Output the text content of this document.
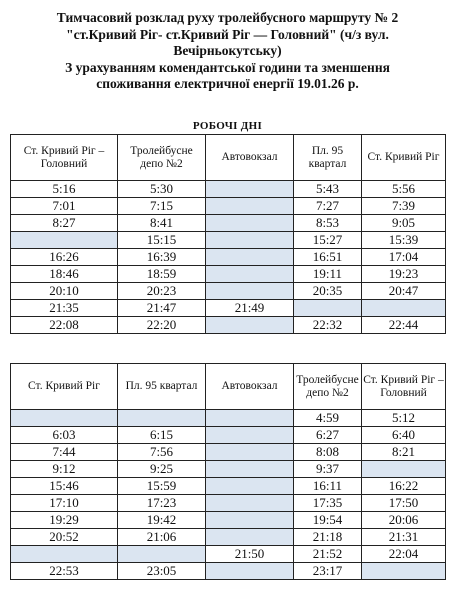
Тимчасовий розклад руху тролейбусного маршруту № 2
"ст.Кривий Ріг- ст.Кривий Ріг — Головний" (ч/з вул.
Вечірньокутську)
З урахуванням комендантської години та зменшення
споживання електричної енергії 19.01.26 р.
РОБОЧІ ДНІ
Ст. Кривий Ріг – Головний	Тролейбусне депо №2	Автовокзал	Пл. 95 квартал	Ст. Кривий Ріг
5:16	5:30		5:43	5:56
7:01	7:15		7:27	7:39
8:27	8:41		8:53	9:05
	15:15		15:27	15:39
16:26	16:39		16:51	17:04
18:46	18:59		19:11	19:23
20:10	20:23		20:35	20:47
21:35	21:47	21:49		
22:08	22:20		22:32	22:44
Ст. Кривий Ріг	Пл. 95 квартал	Автовокзал	Тролейбусне депо №2	Ст. Кривий Ріг – Головний
			4:59	5:12
6:03	6:15		6:27	6:40
7:44	7:56		8:08	8:21
9:12	9:25		9:37	
15:46	15:59		16:11	16:22
17:10	17:23		17:35	17:50
19:29	19:42		19:54	20:06
20:52	21:06		21:18	21:31
		21:50	21:52	22:04
22:53	23:05		23:17	
